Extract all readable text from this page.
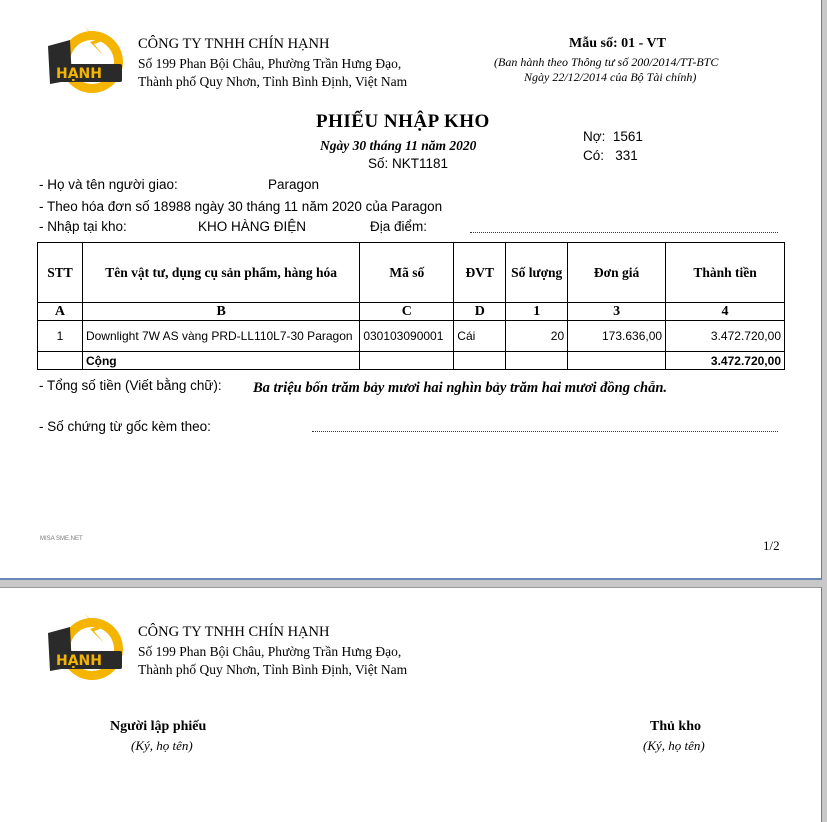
HẠNH
CÔNG TY TNHH CHÍN HẠNH
Số 199 Phan Bội Châu, Phường Trần Hưng Đạo,
Thành phố Quy Nhơn, Tỉnh Bình Định, Việt Nam
Mẫu số: 01 - VT
(Ban hành theo Thông tư số 200/2014/TT-BTC
Ngày 22/12/2014 của Bộ Tài chính)
PHIẾU NHẬP KHO
Ngày 30 tháng 11 năm 2020
Số: NKT1181
Nợ: 1561
Có: 331
- Họ và tên người giao:	Paragon
- Theo hóa đơn số 18988 ngày 30 tháng 11 năm 2020 của Paragon
- Nhập tại kho:	KHO HÀNG ĐIỆN	Địa điểm:
STT	Tên vật tư, dụng cụ sản phẩm, hàng hóa	Mã số	ĐVT	Số lượng	Đơn giá	Thành tiền
A	B	C	D	1	3	4
1	Downlight 7W AS vàng PRD-LL110L7-30 Paragon	030103090001	Cái	20	173.636,00	3.472.720,00
	Cộng					3.472.720,00
- Tổng số tiền (Viết bằng chữ): Ba triệu bốn trăm bảy mươi hai nghìn bảy trăm hai mươi đồng chẵn.
- Số chứng từ gốc kèm theo:
MISA SME.NET	1/2
HẠNH
CÔNG TY TNHH CHÍN HẠNH
Số 199 Phan Bội Châu, Phường Trần Hưng Đạo,
Thành phố Quy Nhơn, Tỉnh Bình Định, Việt Nam
Người lập phiếu
(Ký, họ tên)
Thủ kho
(Ký, họ tên)
